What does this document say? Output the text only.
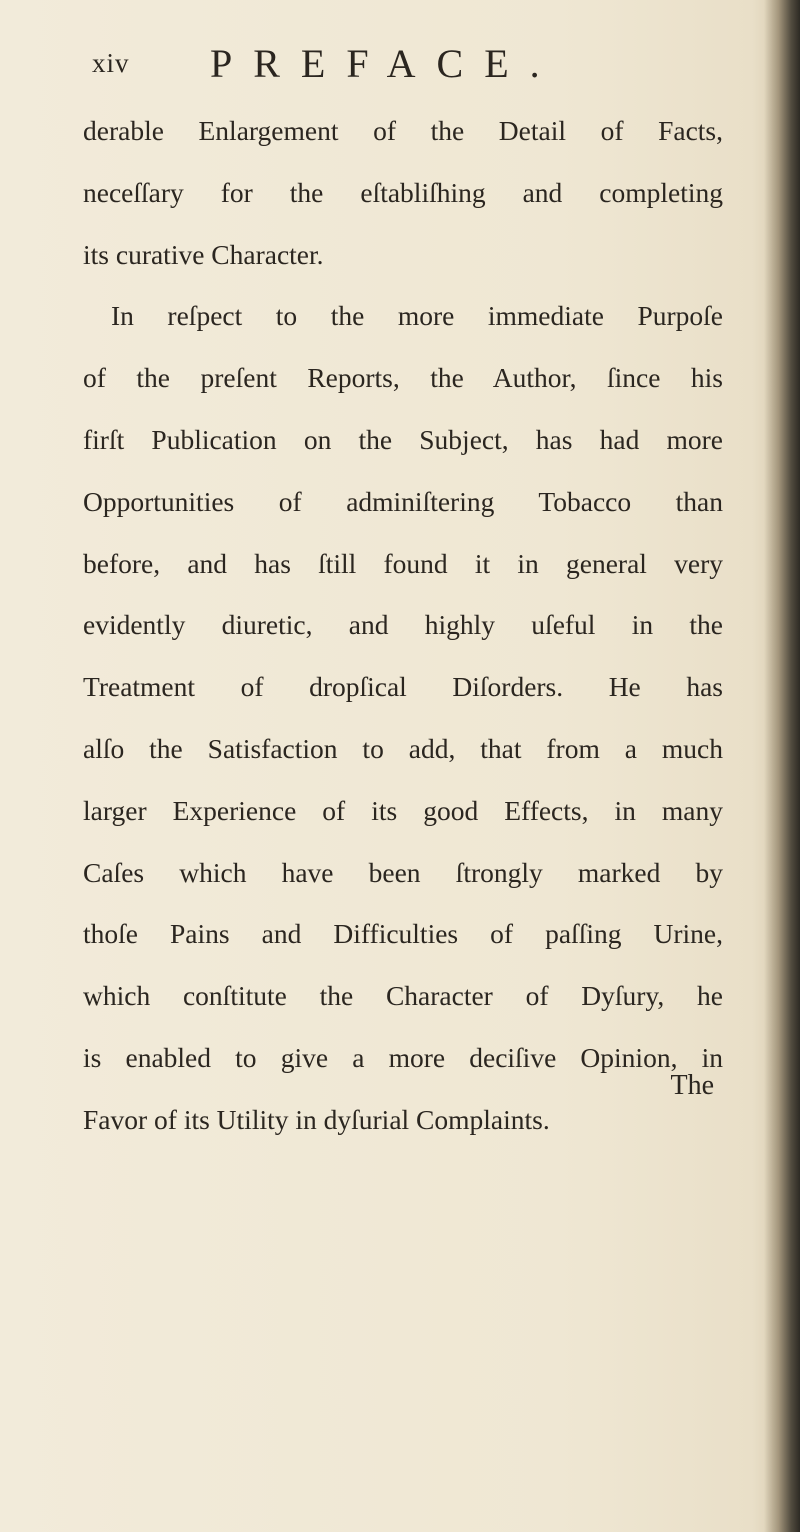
xiv PREFACE.
derable Enlargement of the Detail of Facts,
neceſſary for the eſtabliſhing and completing
its curative Character.
In reſpect to the more immediate Purpoſe
of the preſent Reports, the Author, ſince his
firſt Publication on the Subject, has had more
Opportunities of adminiſtering Tobacco than
before, and has ſtill found it in general very
evidently diuretic, and highly uſeful in the
Treatment of dropſical Diſorders. He has
alſo the Satisfaction to add, that from a much
larger Experience of its good Effects, in many
Caſes which have been ſtrongly marked by
thoſe Pains and Difficulties of paſſing Urine,
which conſtitute the Character of Dyſury, he
is enabled to give a more deciſive Opinion, in
Favor of its Utility in dyſurial Complaints.
The
